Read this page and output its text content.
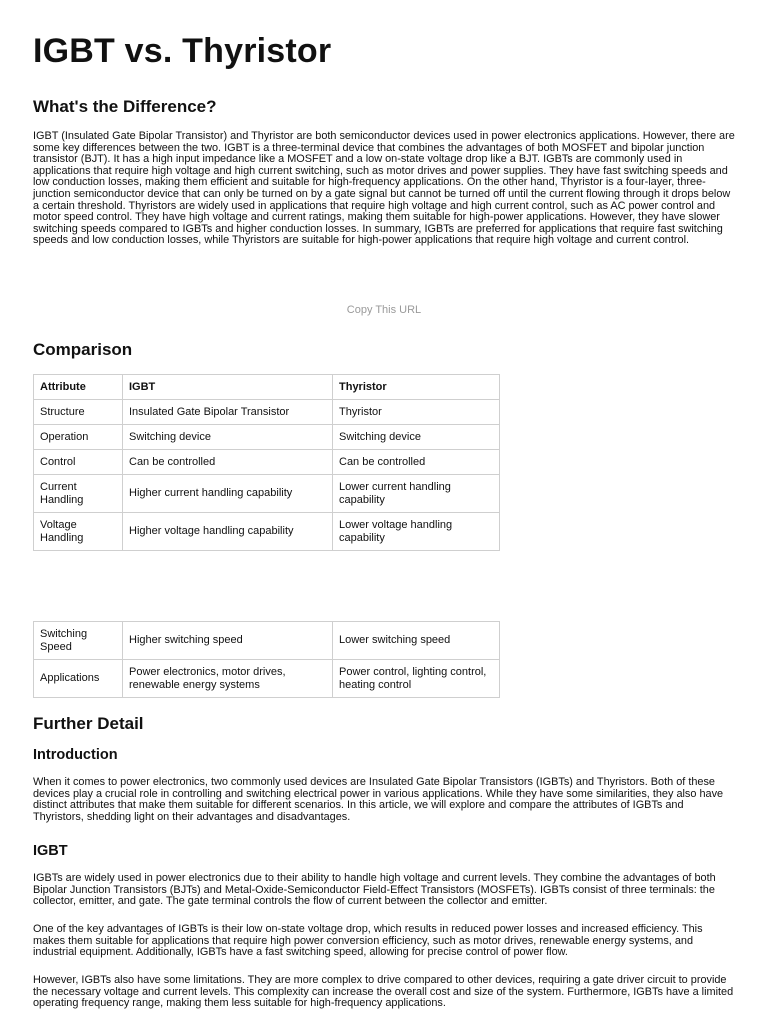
IGBT vs. Thyristor
What's the Difference?

IGBT (Insulated Gate Bipolar Transistor) and Thyristor are both semiconductor devices used in power electronics applications. However, there are some key differences between the two. IGBT is a three-terminal device that combines the advantages of both MOSFET and bipolar junction transistor (BJT). It has a high input impedance like a MOSFET and a low on-state voltage drop like a BJT. IGBTs are commonly used in applications that require high voltage and high current switching, such as motor drives and power supplies. They have fast switching speeds and low conduction losses, making them efficient and suitable for high-frequency applications. On the other hand, Thyristor is a four-layer, three-junction semiconductor device that can only be turned on by a gate signal but cannot be turned off until the current flowing through it drops below a certain threshold. Thyristors are widely used in applications that require high voltage and high current control, such as AC power control and motor speed control. They have high voltage and current ratings, making them suitable for high-power applications. However, they have slower switching speeds compared to IGBTs and higher conduction losses. In summary, IGBTs are preferred for applications that require fast switching speeds and low conduction losses, while Thyristors are suitable for high-power applications that require high voltage and current control.

Copy This URL
Comparison
Attribute	IGBT	Thyristor
Structure	Insulated Gate Bipolar Transistor	Thyristor
Operation	Switching device	Switching device
Control	Can be controlled	Can be controlled
Current Handling	Higher current handling capability	Lower current handling capability
Voltage Handling	Higher voltage handling capability	Lower voltage handling capability
Switching Speed	Higher switching speed	Lower switching speed
Applications	Power electronics, motor drives, renewable energy systems	Power control, lighting control, heating control
Further Detail
Introduction

When it comes to power electronics, two commonly used devices are Insulated Gate Bipolar Transistors (IGBTs) and Thyristors. Both of these devices play a crucial role in controlling and switching electrical power in various applications. While they have some similarities, they also have distinct attributes that make them suitable for different scenarios. In this article, we will explore and compare the attributes of IGBTs and Thyristors, shedding light on their advantages and disadvantages.

IGBT

IGBTs are widely used in power electronics due to their ability to handle high voltage and current levels. They combine the advantages of both Bipolar Junction Transistors (BJTs) and Metal-Oxide-Semiconductor Field-Effect Transistors (MOSFETs). IGBTs consist of three terminals: the collector, emitter, and gate. The gate terminal controls the flow of current between the collector and emitter.

One of the key advantages of IGBTs is their low on-state voltage drop, which results in reduced power losses and increased efficiency. This makes them suitable for applications that require high power conversion efficiency, such as motor drives, renewable energy systems, and industrial equipment. Additionally, IGBTs have a fast switching speed, allowing for precise control of power flow.

However, IGBTs also have some limitations. They are more complex to drive compared to other devices, requiring a gate driver circuit to provide the necessary voltage and current levels. This complexity can increase the overall cost and size of the system. Furthermore, IGBTs have a limited operating frequency range, making them less suitable for high-frequency applications.
